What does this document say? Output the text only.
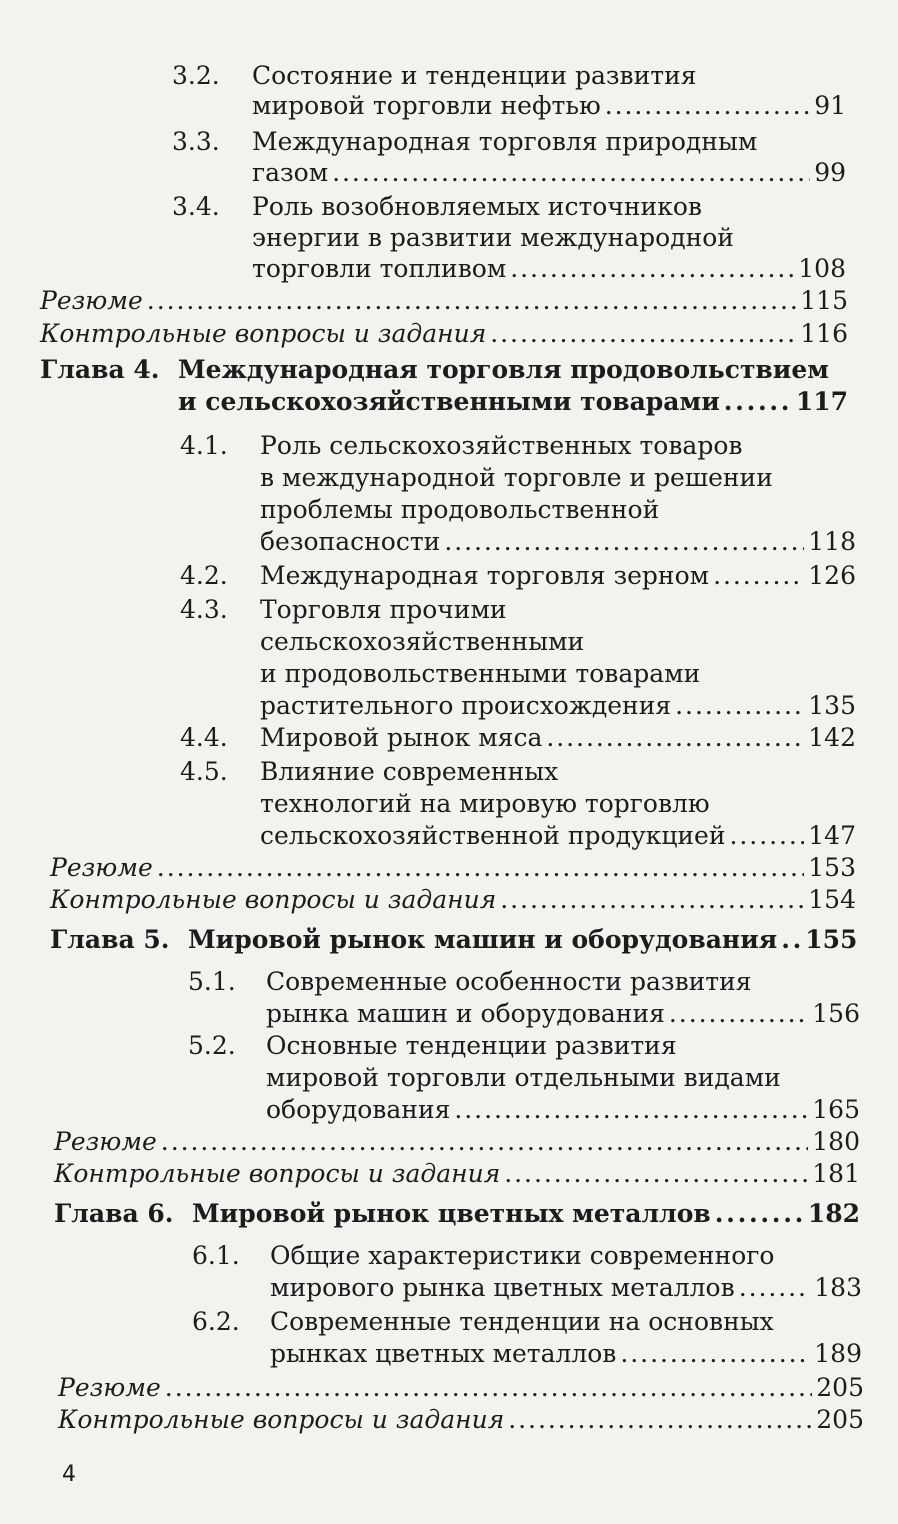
3.2. Состояние и тенденции развития
мировой торговли нефтью . . .	91
3.3. Международная торговля природным
газом . . .	99
3.4. Роль возобновляемых источников
энергии в развитии международной
торговли топливом . . .	108
Резюме . . .	115
Контрольные вопросы и задания . . .	116
Глава 4. Международная торговля продовольствием
и сельскохозяйственными товарами . . .	117
4.1. Роль сельскохозяйственных товаров
в международной торговле и решении
проблемы продовольственной
безопасности . . .	118
4.2. Международная торговля зерном . . .	126
4.3. Торговля прочими
сельскохозяйственными
и продовольственными товарами
растительного происхождения . . .	135
4.4. Мировой рынок мяса . . .	142
4.5. Влияние современных
технологий на мировую торговлю
сельскохозяйственной продукцией . . .	147
Резюме . . .	153
Контрольные вопросы и задания . . .	154
Глава 5. Мировой рынок машин и оборудования . . . 155
5.1. Современные особенности развития
рынка машин и оборудования . . .	156
5.2. Основные тенденции развития
мировой торговли отдельными видами
оборудования . . .	165
Резюме . . .	180
Контрольные вопросы и задания . . .	181
Глава 6. Мировой рынок цветных металлов . . .	182
6.1. Общие характеристики современного
мирового рынка цветных металлов . . .	183
6.2. Современные тенденции на основных
рынках цветных металлов . . .	189
Резюме . . .	205
Контрольные вопросы и задания . . .	205
4
